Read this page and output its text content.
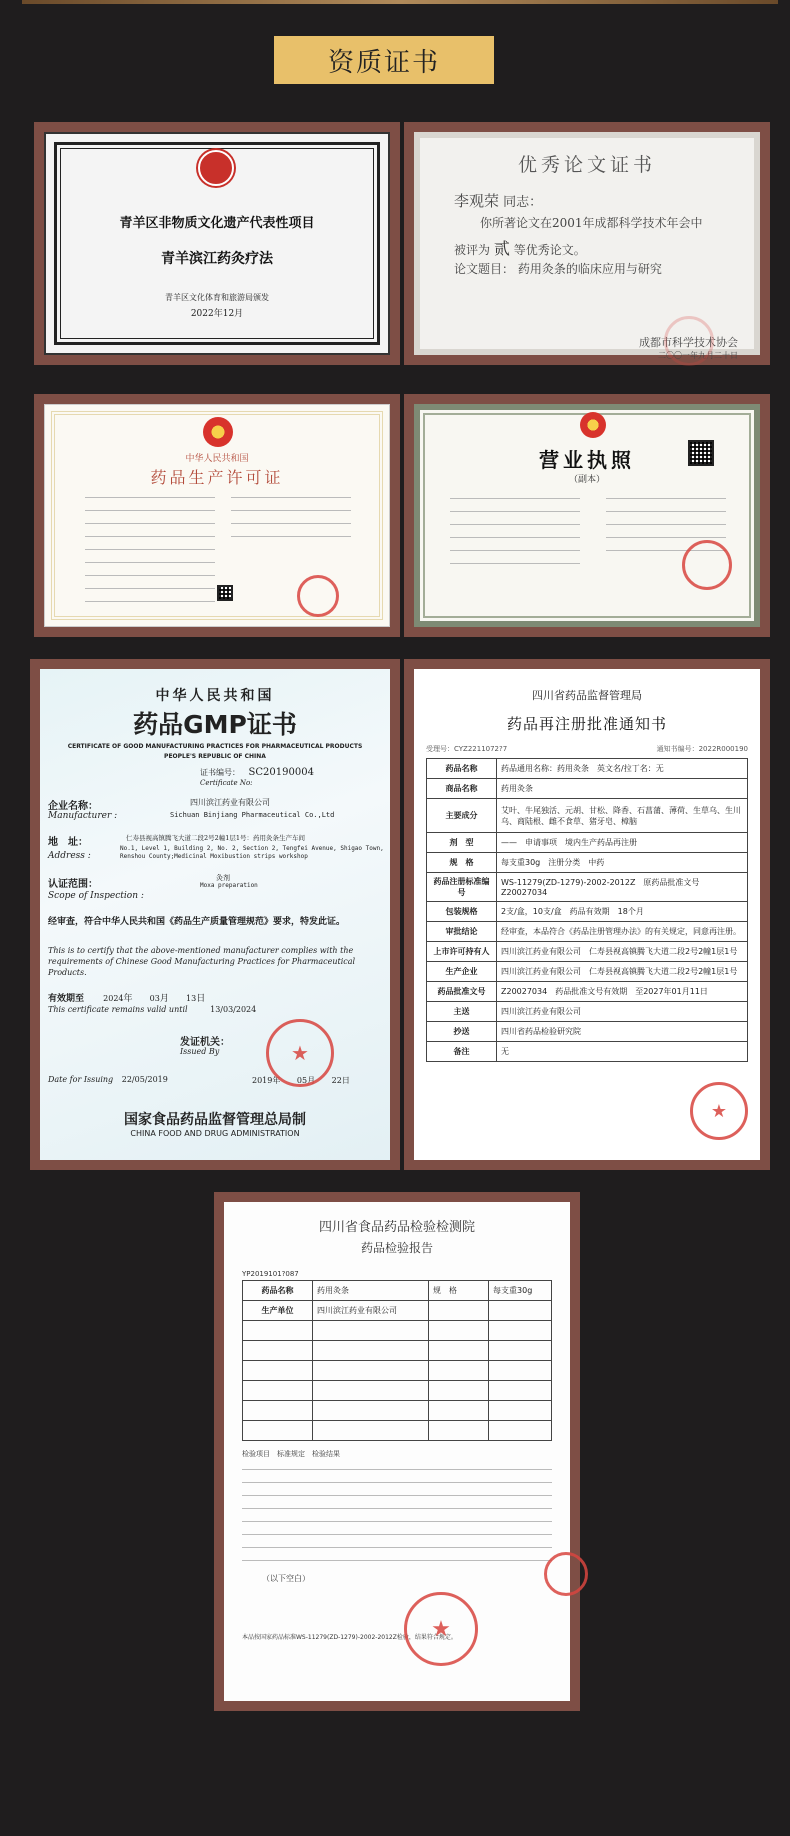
资质证书
青羊区非物质文化遗产代表性项目
青羊滨江药灸疗法
青羊区文化体育和旅游局颁发
2022年12月
优秀论文证书
李观荣 同志：
你所著论文在2001年成都科学技术年会中
被评为 贰 等优秀论文。
论文题目： 药用灸条的临床应用与研究
成都市科学技术协会
二〇〇一年九月二十日
中华人民共和国
药品生产许可证
营业执照
（副本）
中华人民共和国
药品GMP证书
CERTIFICATE OF GOOD MANUFACTURING PRACTICES FOR PHARMACEUTICAL PRODUCTS
PEOPLE'S REPUBLIC OF CHINA
证书编号： SC20190004
Certificate No:
企业名称：	四川滨江药业有限公司
Manufacturer :	Sichuan Binjiang Pharmaceutical Co.,Ltd
地　址：	仁寿县视高镇腾飞大道二段2号2幢1层1号：药用灸条生产车间
Address :
No.1, Level 1, Building 2, No. 2, Section 2, Tengfei Avenue, Shigao Town, Renshou County;Medicinal Moxibustion strips workshop
认证范围：
灸剂
Moxa preparation
Scope of Inspection :
经审查，符合中华人民共和国《药品生产质量管理规范》要求，特发此证。
This is to certify that the above-mentioned manufacturer complies with the requirements of Chinese Good Manufacturing Practices for Pharmaceutical Products.
有效期至 2024年 03月 13日
This certificate remains valid until	13/03/2024
发证机关：
Issued By
Date for Issuing 22/05/2019	2019年 05月 22日
★
国家食品药品监督管理总局制
CHINA FOOD AND DRUG ADMINISTRATION
四川省药品监督管理局
药品再注册批准通知书
受理号：CYZ2211072?7	通知书编号：2022R000190
药品名称	药品通用名称：药用灸条　英文名/拉丁名：无
商品名称	药用灸条
主要成分	艾叶、牛尾独活、元胡、甘松、降香、石菖蒲、薄荷、生草乌、生川乌、商陆根、雌不食草、猪牙皂、樟脑
剂　型	——　申请事项　境内生产药品再注册
规　格	每支重30g　注册分类　中药
药品注册标准编号	WS-11279(ZD-1279)-2002-2012Z　原药品批准文号　Z20027034
包装规格	2支/盒，10支/盒　药品有效期　18个月
审批结论	经审查，本品符合《药品注册管理办法》的有关规定，同意再注册。
上市许可持有人	四川滨江药业有限公司　仁寿县视高镇腾飞大道二段2号2幢1层1号
生产企业	四川滨江药业有限公司　仁寿县视高镇腾飞大道二段2号2幢1层1号
药品批准文号	Z20027034　药品批准文号有效期　至2027年01月11日
主送	四川滨江药业有限公司
抄送	四川省药品检验研究院
备注	无
★
四川省食品药品检验检测院
药品检验报告
YP2019101?087
药品名称	药用灸条	规　格	每支重30g
生产单位	四川滨江药业有限公司		

检验项目　标准规定　检验结果
（以下空白）
本品按国家药品标准WS-11279(ZD-1279)-2002-2012Z检验，结果符合规定。
★
